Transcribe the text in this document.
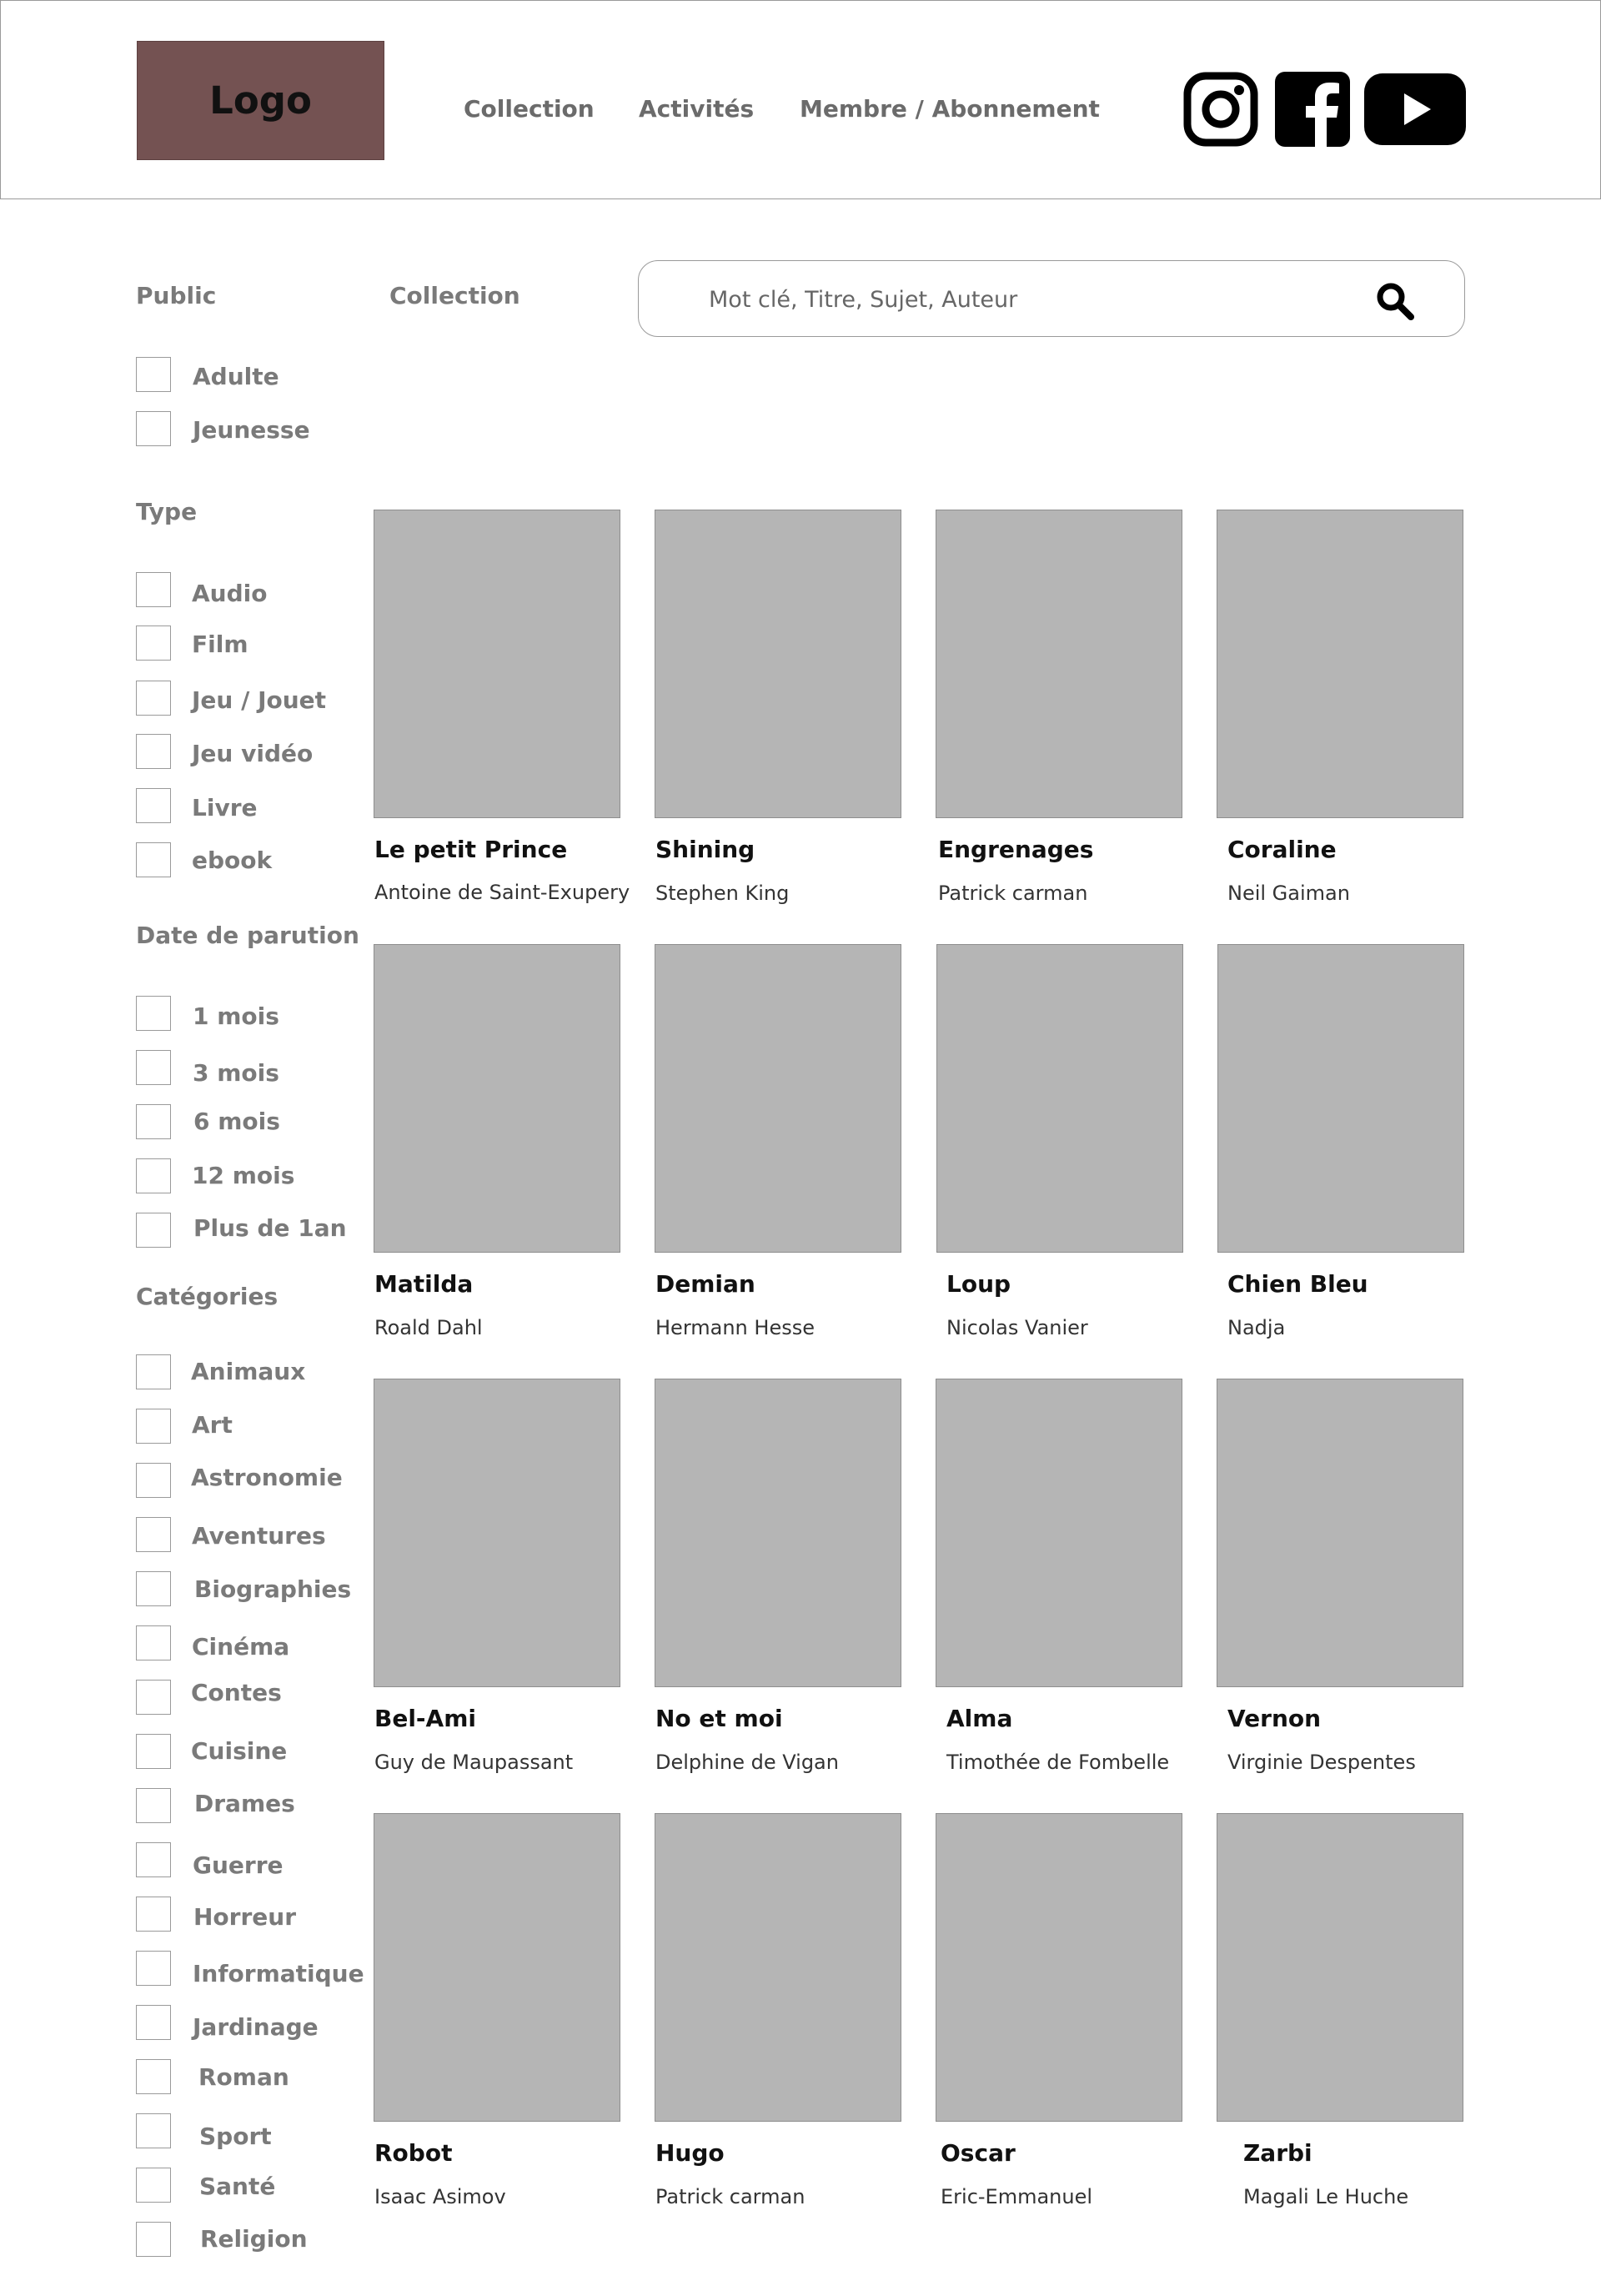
Logo	Collection Activités Membre / Abonnement
Public
Adulte
Jeunesse
Type
Audio
Film
Jeu / Jouet
Jeu vidéo
Livre
ebook
Date de parution
1 mois
3 mois
6 mois
12 mois
Plus de 1an
Catégories
Animaux
Art
Astronomie
Aventures
Biographies
Cinéma
Contes
Cuisine
Drames
Guerre
Horreur
Informatique
Jardinage
Roman
Sport
Santé
Religion
Collection
Mot clé, Titre, Sujet, Auteur
Le petit Prince
Antoine de Saint-Exupery
Shining
Stephen King
Engrenages
Patrick carman
Coraline
Neil Gaiman
Matilda
Roald Dahl
Demian
Hermann Hesse
Loup
Nicolas Vanier
Chien Bleu
Nadja
Bel-Ami
Guy de Maupassant
No et moi
Delphine de Vigan
Alma
Timothée de Fombelle
Vernon
Virginie Despentes
Robot
Isaac Asimov
Hugo
Patrick carman
Oscar
Eric-Emmanuel
Zarbi
Magali Le Huche
